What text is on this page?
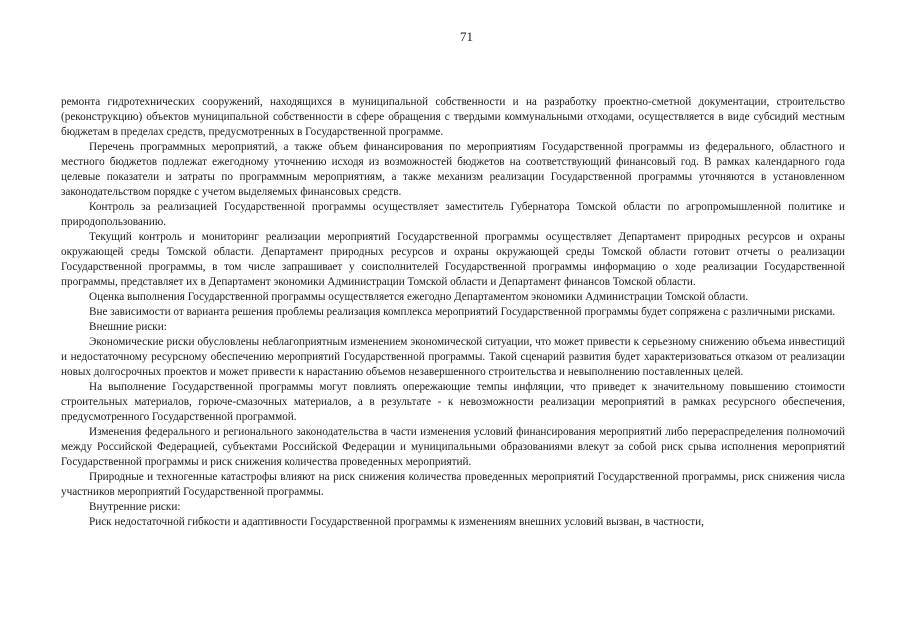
71

ремонта гидротехнических сооружений, находящихся в муниципальной собственности и на разработку проектно-сметной документации, строительство (реконструкцию) объектов муниципальной собственности в сфере обращения с твердыми коммунальными отходами, осуществляется в виде субсидий местным бюджетам в пределах средств, предусмотренных в Государственной программе.

Перечень программных мероприятий, а также объем финансирования по мероприятиям Государственной программы из федерального, областного и местного бюджетов подлежат ежегодному уточнению исходя из возможностей бюджетов на соответствующий финансовый год. В рамках календарного года целевые показатели и затраты по программным мероприятиям, а также механизм реализации Государственной программы уточняются в установленном законодательством порядке с учетом выделяемых финансовых средств.

Контроль за реализацией Государственной программы осуществляет заместитель Губернатора Томской области по агропромышленной политике и природопользованию.

Текущий контроль и мониторинг реализации мероприятий Государственной программы осуществляет Департамент природных ресурсов и охраны окружающей среды Томской области. Департамент природных ресурсов и охраны окружающей среды Томской области готовит отчеты о реализации Государственной программы, в том числе запрашивает у соисполнителей Государственной программы информацию о ходе реализации Государственной программы, представляет их в Департамент экономики Администрации Томской области и Департамент финансов Томской области.

Оценка выполнения Государственной программы осуществляется ежегодно Департаментом экономики Администрации Томской области.

Вне зависимости от варианта решения проблемы реализация комплекса мероприятий Государственной программы будет сопряжена с различными рисками.

Внешние риски:

Экономические риски обусловлены неблагоприятным изменением экономической ситуации, что может привести к серьезному снижению объема инвестиций и недостаточному ресурсному обеспечению мероприятий Государственной программы. Такой сценарий развития будет характеризоваться отказом от реализации новых долгосрочных проектов и может привести к нарастанию объемов незавершенного строительства и невыполнению поставленных целей.

На выполнение Государственной программы могут повлиять опережающие темпы инфляции, что приведет к значительному повышению стоимости строительных материалов, горюче-смазочных материалов, а в результате - к невозможности реализации мероприятий в рамках ресурсного обеспечения, предусмотренного Государственной программой.

Изменения федерального и регионального законодательства в части изменения условий финансирования мероприятий либо перераспределения полномочий между Российской Федерацией, субъектами Российской Федерации и муниципальными образованиями влекут за собой риск срыва исполнения мероприятий Государственной программы и риск снижения количества проведенных мероприятий.

Природные и техногенные катастрофы влияют на риск снижения количества проведенных мероприятий Государственной программы, риск снижения числа участников мероприятий Государственной программы.

Внутренние риски:

Риск недостаточной гибкости и адаптивности Государственной программы к изменениям внешних условий вызван, в частности,
